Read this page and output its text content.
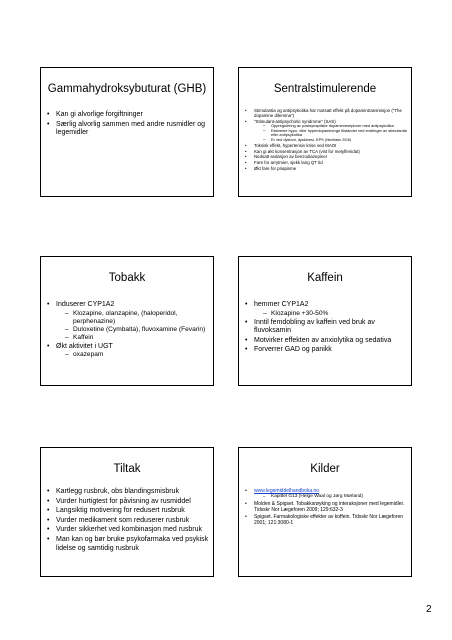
Gammahydroksybuturat (GHB)
• Kan gi alvorlige forgiftninger
• Særlig alvorlig sammen med andre rusmidler og legemidler
Sentralstimulerende
• Stimulantia og antipsykotika har motsatt effekt på dopamintransmisjon ("The dopamine dilemma")
• "Stimulant-antipsychotic syndrome" (SAS)
– Oppregulering av postsynaptiske dopaminreseptorer med antipsykotika
– Ekstreme hypo- eller hyperdopaminerge tilstander ved endringer av stimulantia eller antipsykotika
– Er ved dystoni, dyskinesi, EPS (Henriksen 2018)
• Toksisk effekt, hypertensiv krise ved MAOI
• Kan gi økt konsentrasjon av TCA (vist for metylfenidat)
• Nedsatt sedasjon av benzodiazepiner
• Fare for arrytmier, sjekk lang QT tid
• Økt fare for priapisme
Tobakk
• Induserer CYP1A2
– Klozapine, olanzapine, (haloperidol, perphenazine)
– Duloxetine (Cymbalta), fluvoxamine (Fevarin)
– Kaffein
• Økt aktivitet i UGT
– oxazepam
Kaffein
• hemmer CYP1A2
– Klozapine +30-50%
• Inntil femdobling av kaffein ved bruk av fluvoksamin
• Motvirker effekten av anxiolytika og sedativa
• Forverrer GAD og panikk
Tiltak
• Kartlegg rusbruk, obs blandingsmisbruk
• Vurder hurtigtest for påvisning av rusmiddel
• Langsiktig motivering for redusert rusbruk
• Vurder medikament som reduserer rusbruk
• Vurder sikkerhet ved kombinasjon med rusbruk
• Man kan og bør bruke psykofarmaka ved psykisk lidelse og samtidig rusbruk
Kilder
• www.legemiddelhandboka.no
– Kapittel G13 (Helge Waal og Jørg Mørland)
• Molden & Spigset. Tobakksrøyking og interaksjoner med legemidler. Tidsskr Nor Lægeforen 2009; 129:632-3
• Spigset. Farmakologiske effekter av koffein. Tidsskr Nor Lægeforen 2001; 121:3080-1
2
